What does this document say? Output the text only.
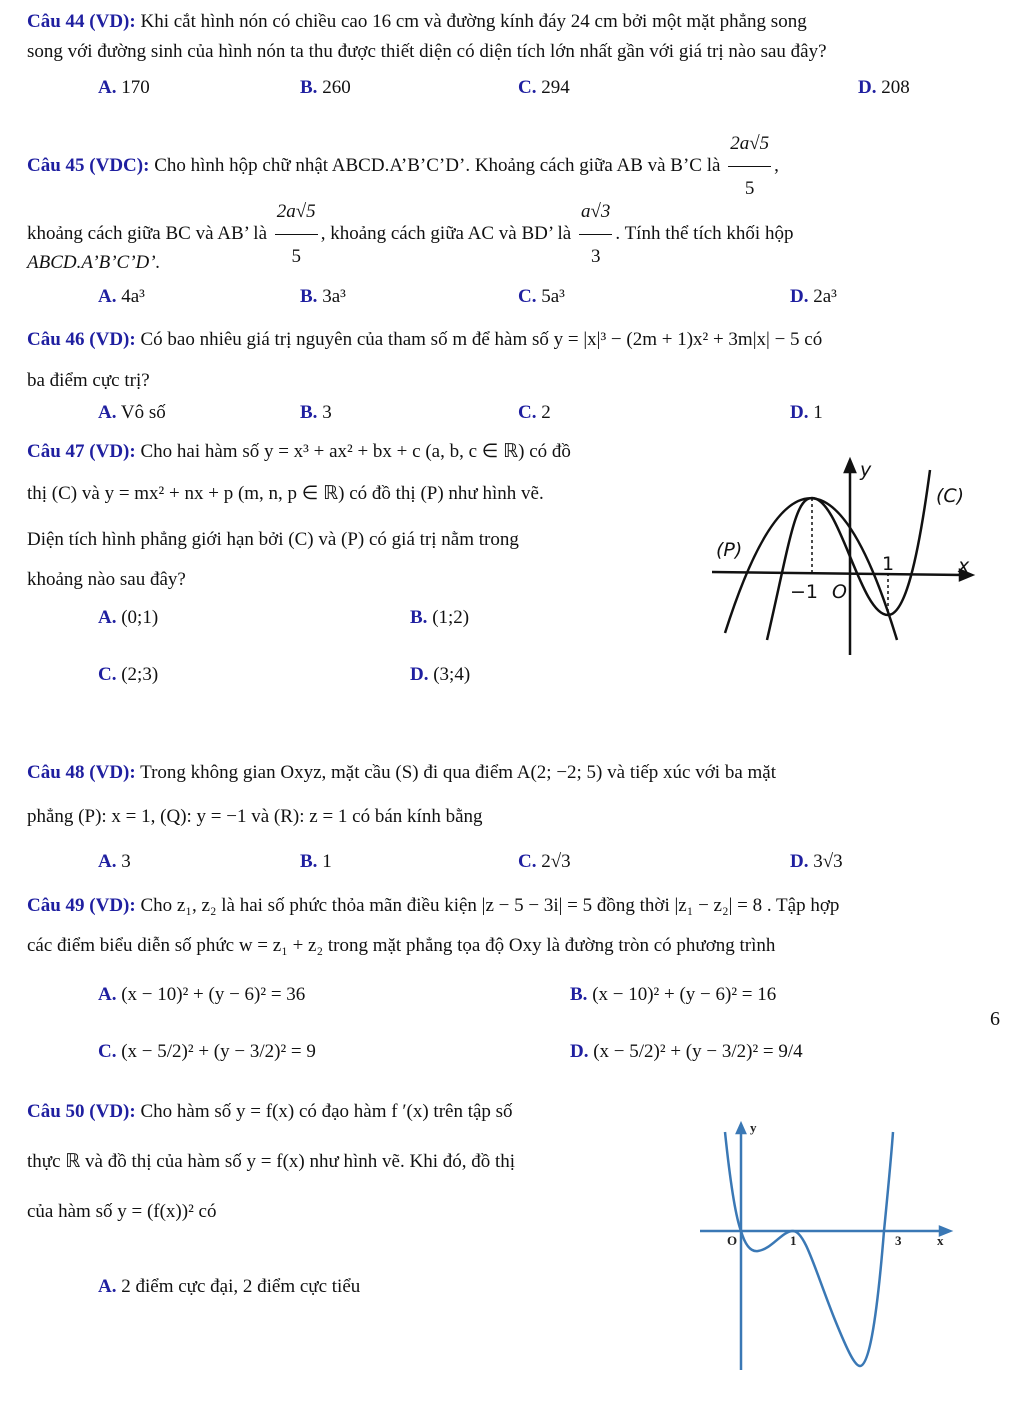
Câu 44 (VD): Khi cắt hình nón có chiều cao 16 cm và đường kính đáy 24 cm bởi một mặt phẳng song
song với đường sinh của hình nón ta thu được thiết diện có diện tích lớn nhất gần với giá trị nào sau đây?
A. 170	B. 260	C. 294	D. 208
Câu 45 (VDC): Cho hình hộp chữ nhật ABCD.A’B’C’D’. Khoảng cách giữa AB và B’C là $\frac{2a√5}{5}$ ,
khoảng cách giữa BC và AB’ là $\frac{2a√5}{5}$ , khoảng cách giữa AC và BD’ là $\frac{a√3}{3}$ . Tính thể tích khối hộp
ABCD.A’B’C’D’.
A. 4a³	B. 3a³	C. 5a³	D. 2a³
Câu 46 (VD): Có bao nhiêu giá trị nguyên của tham số m để hàm số y = |x|³ − (2m + 1)x² + 3m|x| − 5 có
ba điểm cực trị?
A. Vô số	B. 3	C. 2	D. 1
Câu 47 (VD): Cho hai hàm số y = x³ + ax² + bx + c (a, b, c ∈ ℝ) có đồ
thị (C) và y = mx² + nx + p (m, n, p ∈ ℝ) có đồ thị (P) như hình vẽ.
Diện tích hình phẳng giới hạn bởi (C) và (P) có giá trị nằm trong
khoảng nào sau đây?
A. (0;1)	B. (1;2)
C. (2;3)	D. (3;4)
y
x
1
−1 O
(P)
(C)
Câu 48 (VD): Trong không gian Oxyz, mặt cầu (S) đi qua điểm A(2; −2; 5) và tiếp xúc với ba mặt
phẳng (P): x = 1, (Q): y = −1 và (R): z = 1 có bán kính bằng
A. 3	B. 1	C. 2√3	D. 3√3
Câu 49 (VD): Cho z₁, z₂ là hai số phức thỏa mãn điều kiện |z − 5 − 3i| = 5 đồng thời |z₁ − z₂| = 8 . Tập hợp
các điểm biểu diễn số phức w = z₁ + z₂ trong mặt phẳng tọa độ Oxy là đường tròn có phương trình
A. (x − 10)² + (y − 6)² = 36	B. (x − 10)² + (y − 6)² = 16
C. (x − 5/2)² + (y − 3/2)² = 9	D. (x − 5/2)² + (y − 3/2)² = 9/4
Câu 50 (VD): Cho hàm số y = f(x) có đạo hàm f ′(x) trên tập số
thực ℝ và đồ thị của hàm số y = f(x) như hình vẽ. Khi đó, đồ thị
của hàm số y = (f(x))² có
A. 2 điểm cực đại, 2 điểm cực tiểu
y
O	1	3	x
6
